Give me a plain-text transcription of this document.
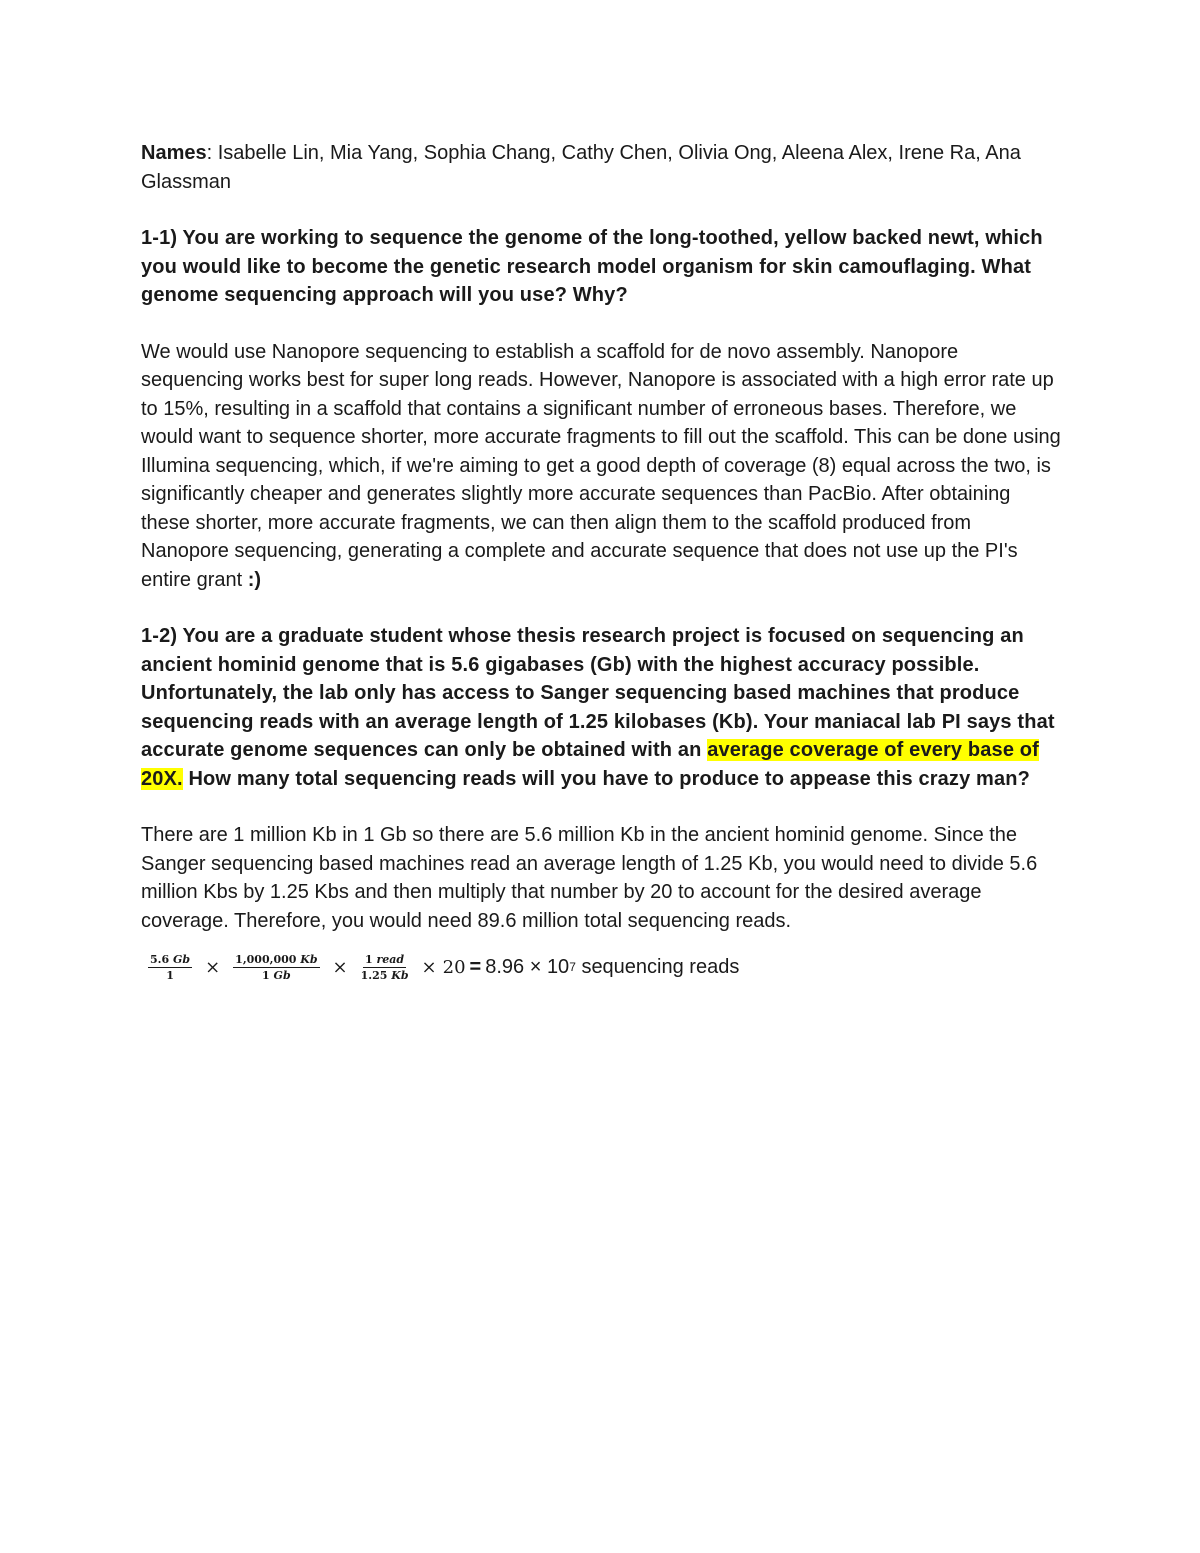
Names: Isabelle Lin, Mia Yang, Sophia Chang, Cathy Chen, Olivia Ong, Aleena Alex, Irene Ra, Ana Glassman

1-1) You are working to sequence the genome of the long-toothed, yellow backed newt, which you would like to become the genetic research model organism for skin camouflaging. What genome sequencing approach will you use? Why?

We would use Nanopore sequencing to establish a scaffold for de novo assembly. Nanopore sequencing works best for super long reads. However, Nanopore is associated with a high error rate up to 15%, resulting in a scaffold that contains a significant number of erroneous bases. Therefore, we would want to sequence shorter, more accurate fragments to fill out the scaffold. This can be done using Illumina sequencing, which, if we're aiming to get a good depth of coverage (8) equal across the two, is significantly cheaper and generates slightly more accurate sequences than PacBio. After obtaining these shorter, more accurate fragments, we can then align them to the scaffold produced from Nanopore sequencing, generating a complete and accurate sequence that does not use up the PI's entire grant :)

1-2) You are a graduate student whose thesis research project is focused on sequencing an ancient hominid genome that is 5.6 gigabases (Gb) with the highest accuracy possible. Unfortunately, the lab only has access to Sanger sequencing based machines that produce sequencing reads with an average length of 1.25 kilobases (Kb). Your maniacal lab PI says that accurate genome sequences can only be obtained with an average coverage of every base of 20X. How many total sequencing reads will you have to produce to appease this crazy man?

There are 1 million Kb in 1 Gb so there are 5.6 million Kb in the ancient hominid genome. Since the Sanger sequencing based machines read an average length of 1.25 Kb, you would need to divide 5.6 million Kbs by 1.25 Kbs and then multiply that number by 20 to account for the desired average coverage. Therefore, you would need 89.6 million total sequencing reads.

$\frac{5.6 Gb}{1} \times \frac{1,000,000 Kb}{1 Gb} \times \frac{\text{1 read}}{1.25 Kb} \times 20 = 8.96 \times 10$ 7
sequencing reads
